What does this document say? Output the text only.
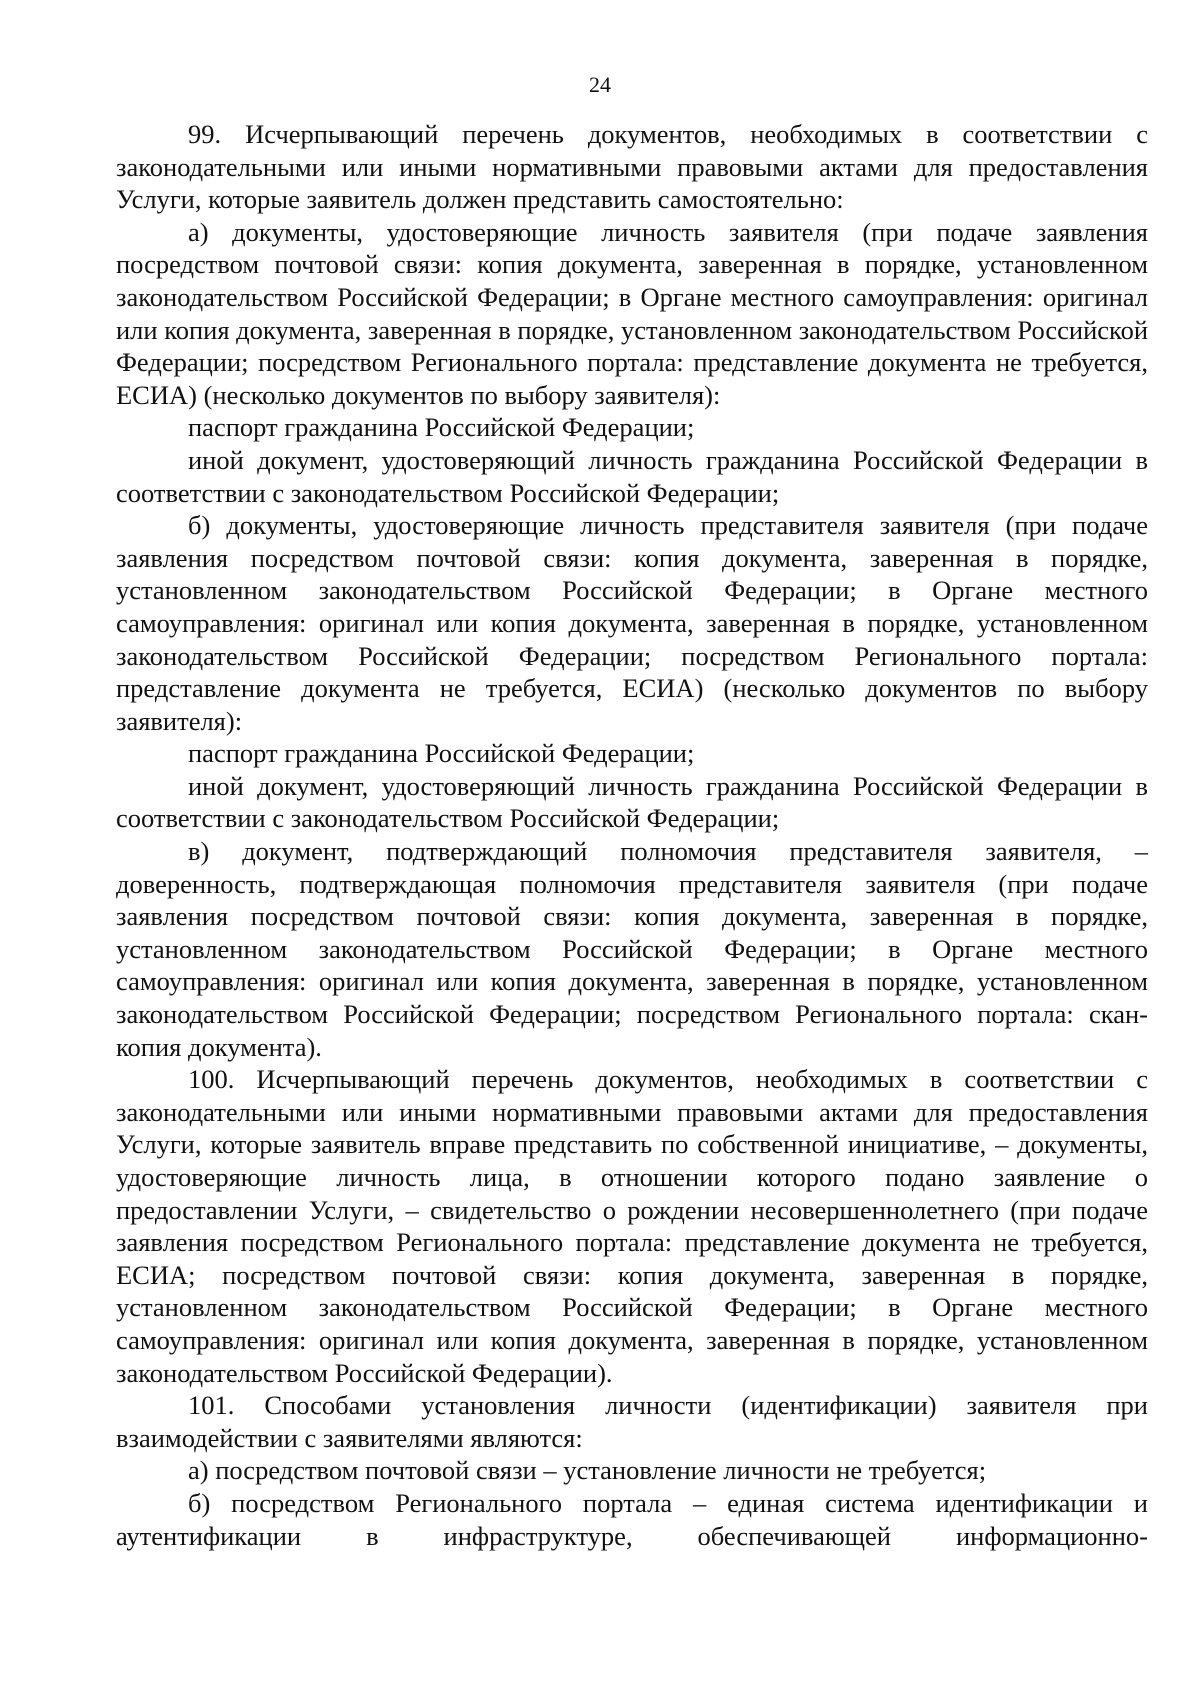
24

99. Исчерпывающий перечень документов, необходимых в соответствии с законодательными или иными нормативными правовыми актами для предоставления Услуги, которые заявитель должен представить самостоятельно:

а) документы, удостоверяющие личность заявителя (при подаче заявления посредством почтовой связи: копия документа, заверенная в порядке, установленном законодательством Российской Федерации; в Органе местного самоуправления: оригинал или копия документа, заверенная в порядке, установленном законодательством Российской Федерации; посредством Регионального портала: представление документа не требуется, ЕСИА) (несколько документов по выбору заявителя):

паспорт гражданина Российской Федерации;

иной документ, удостоверяющий личность гражданина Российской Федерации в соответствии с законодательством Российской Федерации;

б) документы, удостоверяющие личность представителя заявителя (при подаче заявления посредством почтовой связи: копия документа, заверенная в порядке, установленном законодательством Российской Федерации; в Органе местного самоуправления: оригинал или копия документа, заверенная в порядке, установленном законодательством Российской Федерации; посредством Регионального портала: представление документа не требуется, ЕСИА) (несколько документов по выбору заявителя):

паспорт гражданина Российской Федерации;

иной документ, удостоверяющий личность гражданина Российской Федерации в соответствии с законодательством Российской Федерации;

в) документ, подтверждающий полномочия представителя заявителя, – доверенность, подтверждающая полномочия представителя заявителя (при подаче заявления посредством почтовой связи: копия документа, заверенная в порядке, установленном законодательством Российской Федерации; в Органе местного самоуправления: оригинал или копия документа, заверенная в порядке, установленном законодательством Российской Федерации; посредством Регионального портала: скан-копия документа).

100. Исчерпывающий перечень документов, необходимых в соответствии с законодательными или иными нормативными правовыми актами для предоставления Услуги, которые заявитель вправе представить по собственной инициативе, – документы, удостоверяющие личность лица, в отношении которого подано заявление о предоставлении Услуги, – свидетельство о рождении несовершеннолетнего (при подаче заявления посредством Регионального портала: представление документа не требуется, ЕСИА; посредством почтовой связи: копия документа, заверенная в порядке, установленном законодательством Российской Федерации; в Органе местного самоуправления: оригинал или копия документа, заверенная в порядке, установленном законодательством Российской Федерации).

101. Способами установления личности (идентификации) заявителя при взаимодействии с заявителями являются:

а) посредством почтовой связи – установление личности не требуется;

б) посредством Регионального портала – единая система идентификации и аутентификации в инфраструктуре, обеспечивающей информационно-
